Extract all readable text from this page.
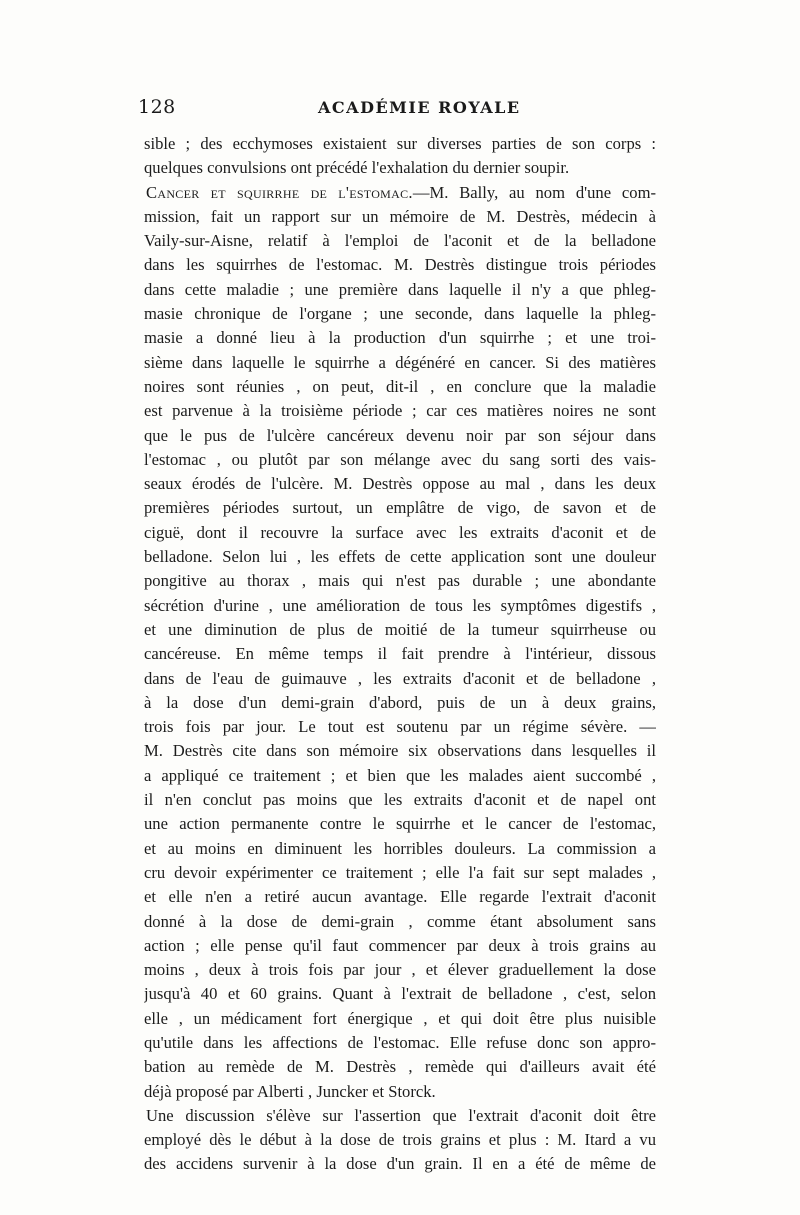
128	ACADÉMIE ROYALE
sible ; des ecchymoses existaient sur diverses parties de son corps :
quelques convulsions ont précédé l'exhalation du dernier soupir.
Cancer et squirrhe de l'estomac.—M. Bally, au nom d'une com-
mission, fait un rapport sur un mémoire de M. Destrès, médecin à
Vaily-sur-Aisne, relatif à l'emploi de l'aconit et de la belladone
dans les squirrhes de l'estomac. M. Destrès distingue trois périodes
dans cette maladie ; une première dans laquelle il n'y a que phleg-
masie chronique de l'organe ; une seconde, dans laquelle la phleg-
masie a donné lieu à la production d'un squirrhe ; et une troi-
sième dans laquelle le squirrhe a dégénéré en cancer. Si des matières
noires sont réunies , on peut, dit-il , en conclure que la maladie
est parvenue à la troisième période ; car ces matières noires ne sont
que le pus de l'ulcère cancéreux devenu noir par son séjour dans
l'estomac , ou plutôt par son mélange avec du sang sorti des vais-
seaux érodés de l'ulcère. M. Destrès oppose au mal , dans les deux
premières périodes surtout, un emplâtre de vigo, de savon et de
ciguë, dont il recouvre la surface avec les extraits d'aconit et de
belladone. Selon lui , les effets de cette application sont une douleur
pongitive au thorax , mais qui n'est pas durable ; une abondante
sécrétion d'urine , une amélioration de tous les symptômes digestifs ,
et une diminution de plus de moitié de la tumeur squirrheuse ou
cancéreuse. En même temps il fait prendre à l'intérieur, dissous
dans de l'eau de guimauve , les extraits d'aconit et de belladone ,
à la dose d'un demi-grain d'abord, puis de un à deux grains,
trois fois par jour. Le tout est soutenu par un régime sévère. —
M. Destrès cite dans son mémoire six observations dans lesquelles il
a appliqué ce traitement ; et bien que les malades aient succombé ,
il n'en conclut pas moins que les extraits d'aconit et de napel ont
une action permanente contre le squirrhe et le cancer de l'estomac,
et au moins en diminuent les horribles douleurs. La commission a
cru devoir expérimenter ce traitement ; elle l'a fait sur sept malades ,
et elle n'en a retiré aucun avantage. Elle regarde l'extrait d'aconit
donné à la dose de demi-grain , comme étant absolument sans
action ; elle pense qu'il faut commencer par deux à trois grains au
moins , deux à trois fois par jour , et élever graduellement la dose
jusqu'à 40 et 60 grains. Quant à l'extrait de belladone , c'est, selon
elle , un médicament fort énergique , et qui doit être plus nuisible
qu'utile dans les affections de l'estomac. Elle refuse donc son appro-
bation au remède de M. Destrès , remède qui d'ailleurs avait été
déjà proposé par Alberti , Juncker et Storck.
Une discussion s'élève sur l'assertion que l'extrait d'aconit doit être
employé dès le début à la dose de trois grains et plus : M. Itard a vu
des accidens survenir à la dose d'un grain. Il en a été de même de
